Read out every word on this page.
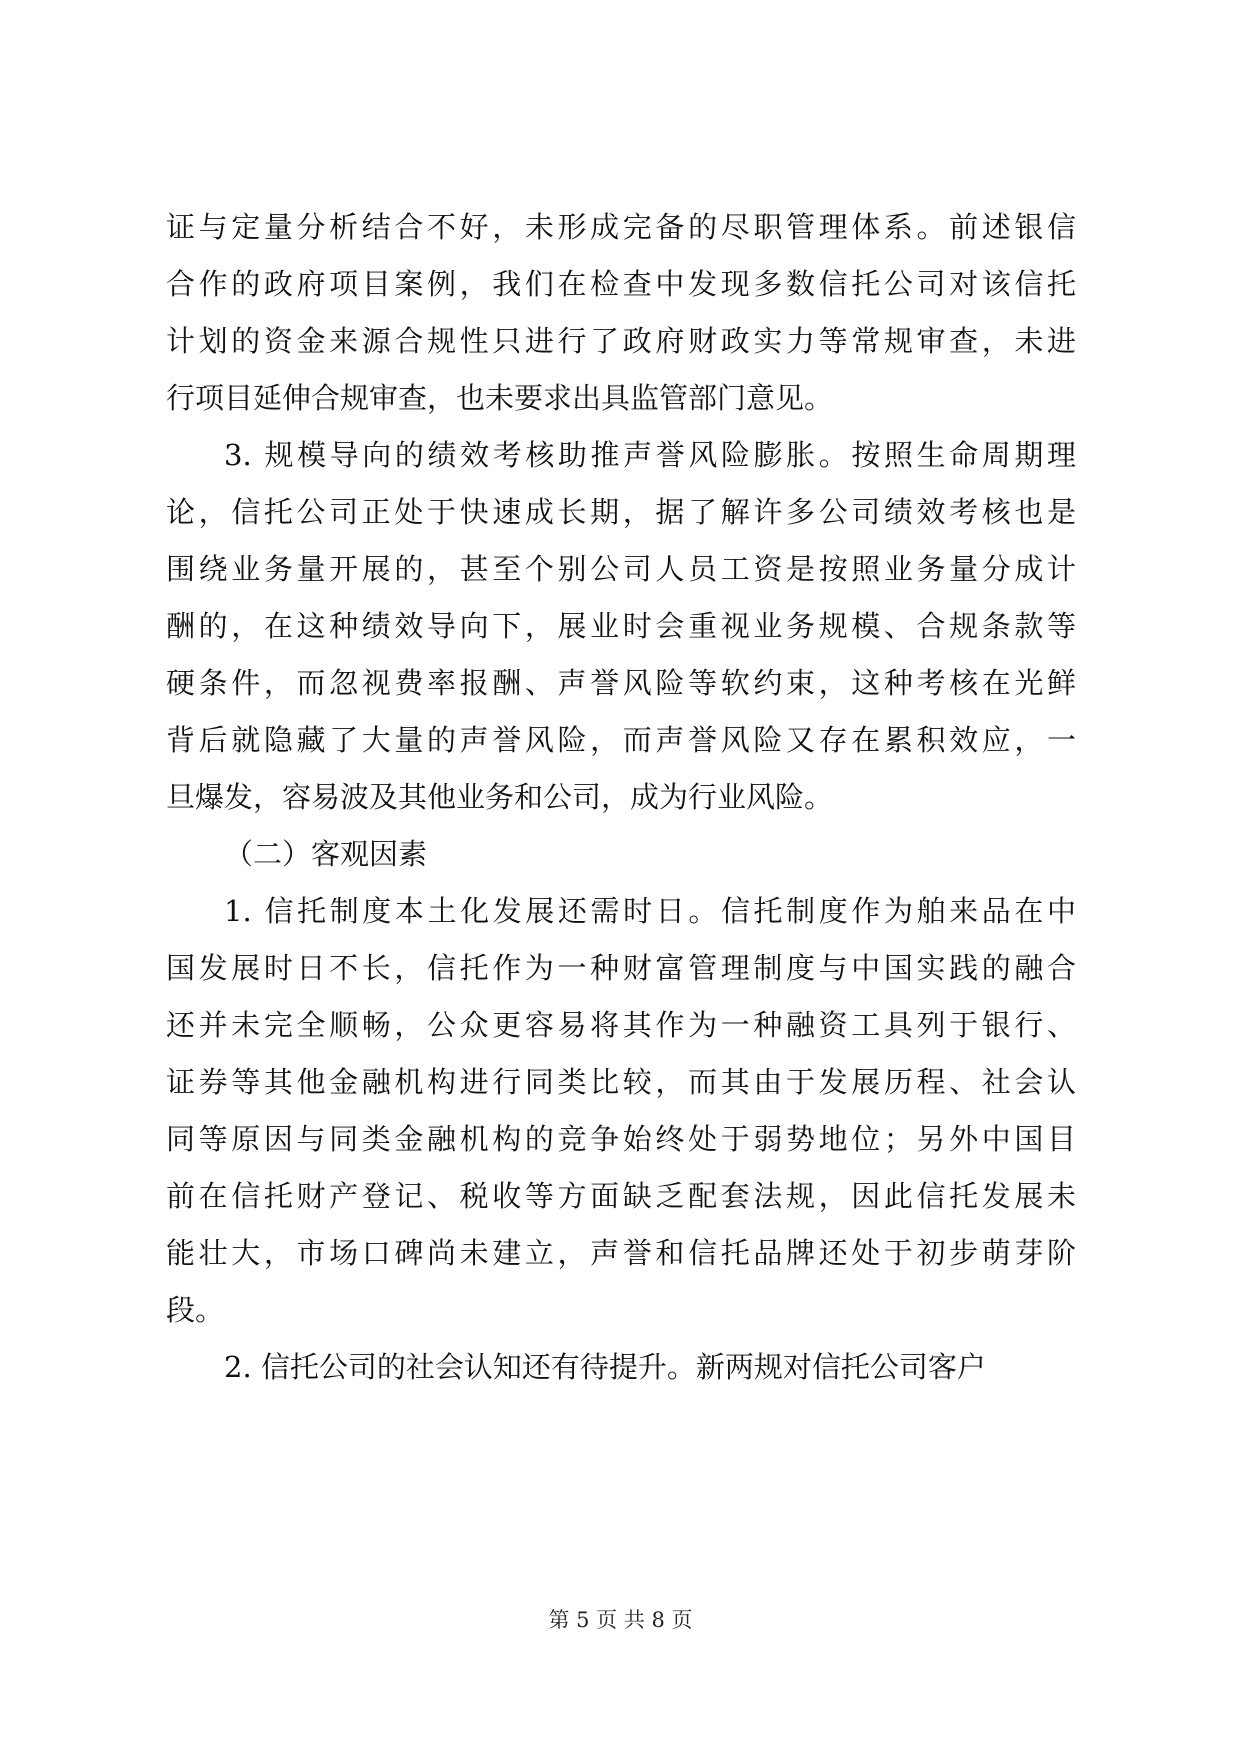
证与定量分析结合不好，未形成完备的尽职管理体系。前述银信
合作的政府项目案例，我们在检查中发现多数信托公司对该信托
计划的资金来源合规性只进行了政府财政实力等常规审查，未进
行项目延伸合规审查，也未要求出具监管部门意见。
3. 规模导向的绩效考核助推声誉风险膨胀。按照生命周期理
论，信托公司正处于快速成长期，据了解许多公司绩效考核也是
围绕业务量开展的，甚至个别公司人员工资是按照业务量分成计
酬的，在这种绩效导向下，展业时会重视业务规模、合规条款等
硬条件，而忽视费率报酬、声誉风险等软约束，这种考核在光鲜
背后就隐藏了大量的声誉风险，而声誉风险又存在累积效应，一
旦爆发，容易波及其他业务和公司，成为行业风险。
（二）客观因素
1. 信托制度本土化发展还需时日。信托制度作为舶来品在中
国发展时日不长，信托作为一种财富管理制度与中国实践的融合
还并未完全顺畅，公众更容易将其作为一种融资工具列于银行、
证券等其他金融机构进行同类比较，而其由于发展历程、社会认
同等原因与同类金融机构的竞争始终处于弱势地位；另外中国目
前在信托财产登记、税收等方面缺乏配套法规，因此信托发展未
能壮大，市场口碑尚未建立，声誉和信托品牌还处于初步萌芽阶
段。
2. 信托公司的社会认知还有待提升。新两规对信托公司客户
第 5 页 共 8 页
